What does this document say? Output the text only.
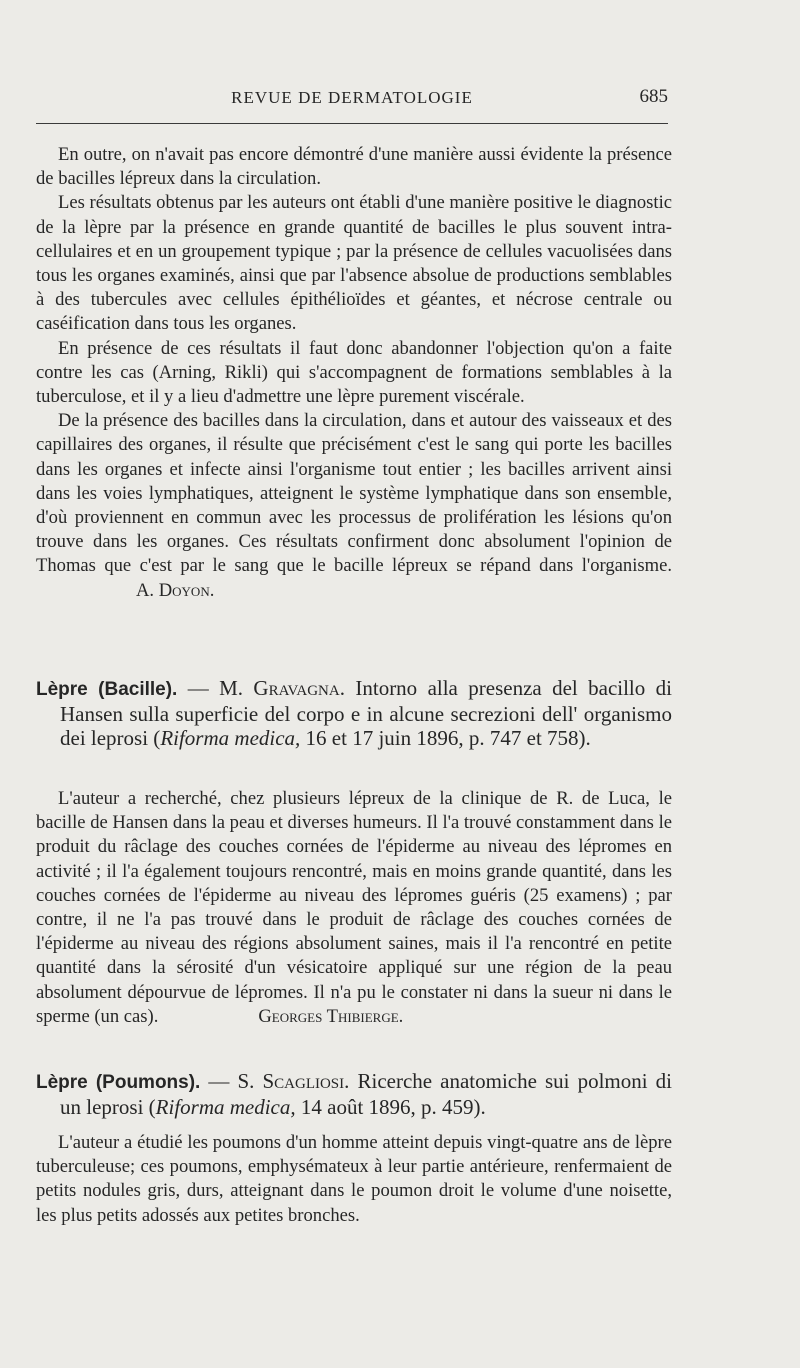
REVUE DE DERMATOLOGIE	685

En outre, on n'avait pas encore démontré d'une manière aussi évidente la présence de bacilles lépreux dans la circulation.

Les résultats obtenus par les auteurs ont établi d'une manière positive le diagnostic de la lèpre par la présence en grande quantité de bacilles le plus souvent intra-cellulaires et en un groupement typique ; par la présence de cellules vacuolisées dans tous les organes examinés, ainsi que par l'absence absolue de productions semblables à des tubercules avec cellules épithélioïdes et géantes, et nécrose centrale ou caséification dans tous les organes.

En présence de ces résultats il faut donc abandonner l'objection qu'on a faite contre les cas (Arning, Rikli) qui s'accompagnent de formations semblables à la tuberculose, et il y a lieu d'admettre une lèpre purement viscérale.

De la présence des bacilles dans la circulation, dans et autour des vaisseaux et des capillaires des organes, il résulte que précisément c'est le sang qui porte les bacilles dans les organes et infecte ainsi l'organisme tout entier ; les bacilles arrivent ainsi dans les voies lymphatiques, atteignent le système lymphatique dans son ensemble, d'où proviennent en commun avec les processus de prolifération les lésions qu'on trouve dans les organes. Ces résultats confirment donc absolument l'opinion de Thomas que c'est par le sang que le bacille lépreux se répand dans l'organisme.A. Doyon.

Lèpre (Bacille). — M. Gravagna. Intorno alla presenza del bacillo di Hansen sulla superficie del corpo e in alcune secrezioni dell' organismo dei leprosi (Riforma medica, 16 et 17 juin 1896, p. 747 et 758).

L'auteur a recherché, chez plusieurs lépreux de la clinique de R. de Luca, le bacille de Hansen dans la peau et diverses humeurs. Il l'a trouvé constamment dans le produit du râclage des couches cornées de l'épiderme au niveau des lépromes en activité ; il l'a également toujours rencontré, mais en moins grande quantité, dans les couches cornées de l'épiderme au niveau des lépromes guéris (25 examens) ; par contre, il ne l'a pas trouvé dans le produit de râclage des couches cornées de l'épiderme au niveau des régions absolument saines, mais il l'a rencontré en petite quantité dans la sérosité d'un vésicatoire appliqué sur une région de la peau absolument dépourvue de lépromes. Il n'a pu le constater ni dans la sueur ni dans le sperme (un cas).	Georges Thibierge.

Lèpre (Poumons). — S. Scagliosi. Ricerche anatomiche sui polmoni di un leprosi (Riforma medica, 14 août 1896, p. 459).

L'auteur a étudié les poumons d'un homme atteint depuis vingt-quatre ans de lèpre tuberculeuse; ces poumons, emphysémateux à leur partie antérieure, renfermaient de petits nodules gris, durs, atteignant dans le poumon droit le volume d'une noisette, les plus petits adossés aux petites bronches.
